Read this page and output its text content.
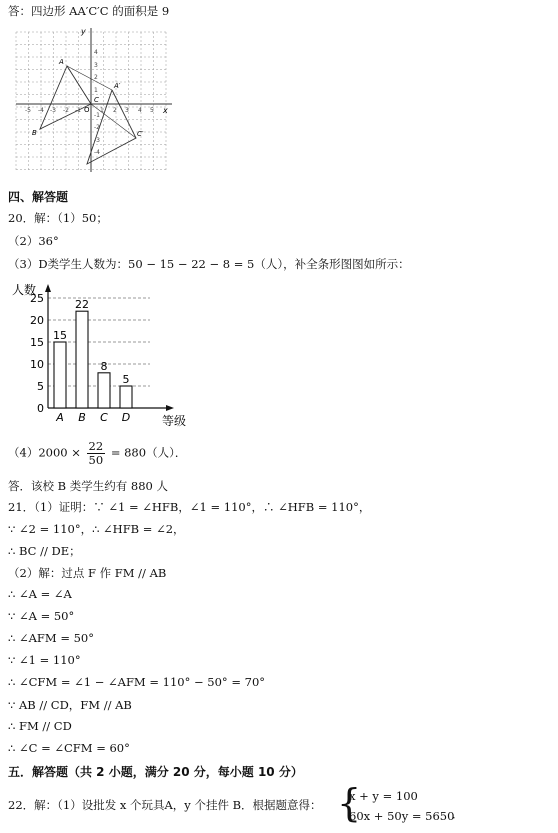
答：四边形 AA′C′C 的面积是 9
x
y
O
-5 -4 -3 -2 -1	1 2 3 4 5
4
3
2
1
-1
-2
-3
-4
A
B
C
A′
C′
四、解答题
20．解：（1）50；
（2）36°
（3）D类学生人数为：50 − 15 − 22 − 8 = 5（人），补全条形图图如所示：
0
5
10
15
20
25
人数
等级
15
A
22
B
8
C
5
D
$(4)2000 \times \frac{22}{50} = 880$（人）．
答．该校 B 类学生约有 880 人
21．（1）证明：∵ ∠1 = ∠HFB，∠1 = 110°，∴ ∠HFB = 110°，
∵ ∠2 = 110°，∴ ∠HFB = ∠2，
∴ BC // DE；
（2）解：过点 F 作 FM // AB
∴ ∠A = ∠A
∵ ∠A = 50°
∴ ∠AFM = 50°
∵ ∠1 = 110°
∴ ∠CFM = ∠1 − ∠AFM = 110° − 50° = 70°
∵ AB // CD，FM // AB
∴ FM // CD
∴ ∠C = ∠CFM = 60°
五．解答题（共 2 小题，满分 20 分，每小题 10 分）
22．解：（1）设批发 x 个玩具A，y 个挂件 B．根据题意得： {
x + y = 100
60x + 50y = 5650
．
